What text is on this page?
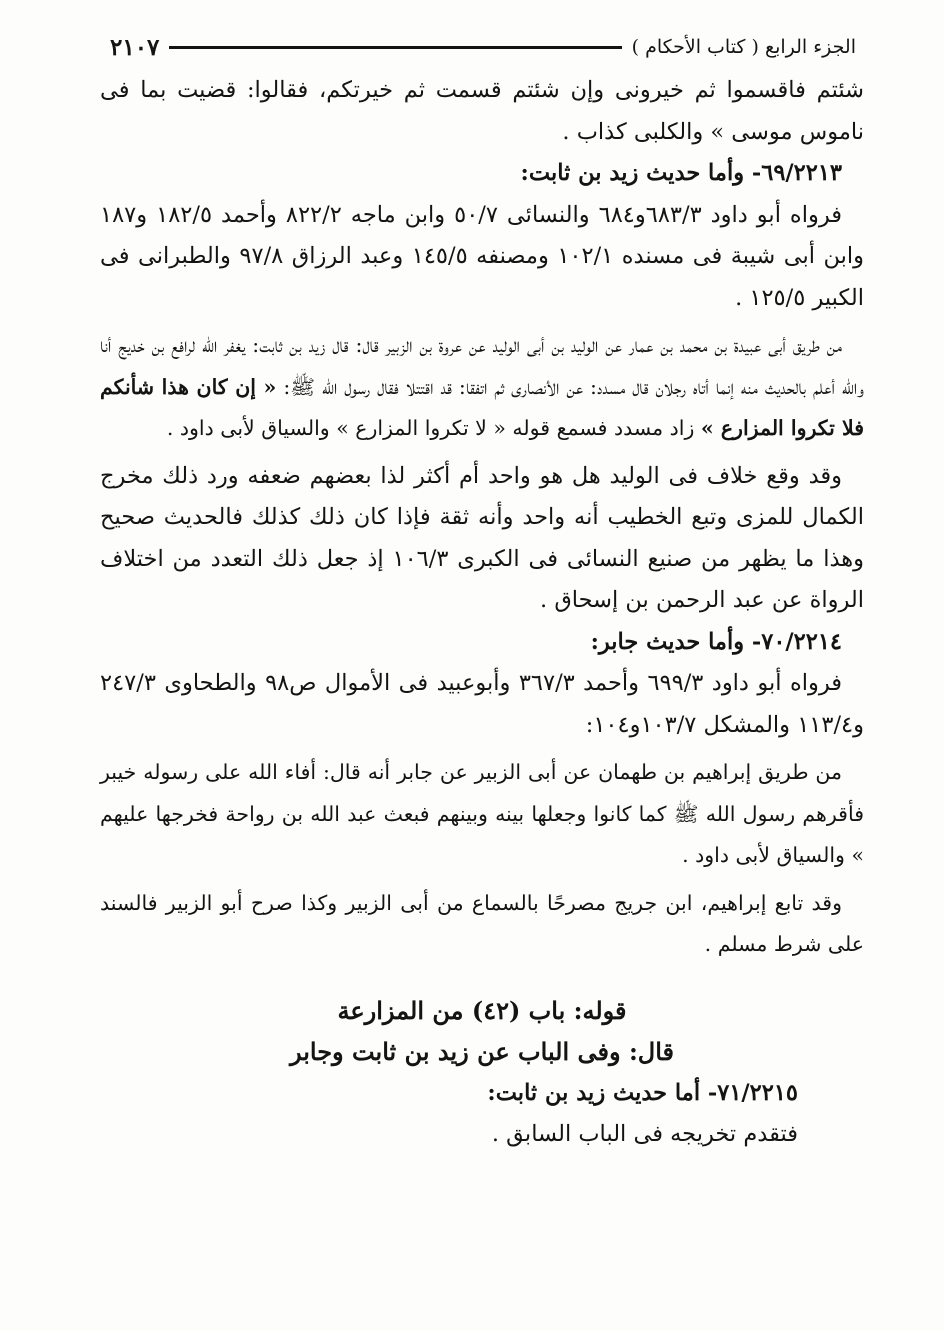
الجزء الرابع ( كتاب الأحكام )
٢١٠٧

شئتم فاقسموا ثم خيرونى وإن شئتم قسمت ثم خيرتكم، فقالوا: قضيت بما فى ناموس موسى » والكلبى كذاب .

٦٩/٢٢١٣- وأما حديث زيد بن ثابت:

فرواه أبو داود ٦٨٣/٣و٦٨٤ والنسائى ٥٠/٧ وابن ماجه ٨٢٢/٢ وأحمد ١٨٢/٥ و١٨٧ وابن أبى شيبة فى مسنده ١٠٢/١ ومصنفه ١٤٥/٥ وعبد الرزاق ٩٧/٨ والطبرانى فى الكبير ١٢٥/٥ .

من طريق أبى عبيدة بن محمد بن عمار عن الوليد بن أبى الوليد عن عروة بن الزبير قال: قال زيد بن ثابت: يغفر الله لرافع بن خديج أنا والله أعلم بالحديث منه إنما أتاه رجلان قال مسدد: عن الأنصارى ثم اتفقا: قد اقتتلا فقال رسول الله ﷺ: « إن كان هذا شأنكم فلا تكروا المزارع » زاد مسدد فسمع قوله « لا تكروا المزارع » والسياق لأبى داود .

وقد وقع خلاف فى الوليد هل هو واحد أم أكثر لذا بعضهم ضعفه ورد ذلك مخرج الكمال للمزى وتبع الخطيب أنه واحد وأنه ثقة فإذا كان ذلك كذلك فالحديث صحيح وهذا ما يظهر من صنيع النسائى فى الكبرى ١٠٦/٣ إذ جعل ذلك التعدد من اختلاف الرواة عن عبد الرحمن بن إسحاق .

٧٠/٢٢١٤- وأما حديث جابر:

فرواه أبو داود ٦٩٩/٣ وأحمد ٣٦٧/٣ وأبوعبيد فى الأموال ص٩٨ والطحاوى ٢٤٧/٣ و١١٣/٤ والمشكل ١٠٣/٧و١٠٤:

من طريق إبراهيم بن طهمان عن أبى الزبير عن جابر أنه قال: أفاء الله على رسوله خيبر فأقرهم رسول الله ﷺ كما كانوا وجعلها بينه وبينهم فبعث عبد الله بن رواحة فخرجها عليهم » والسياق لأبى داود .

وقد تابع إبراهيم، ابن جريج مصرحًا بالسماع من أبى الزبير وكذا صرح أبو الزبير فالسند على شرط مسلم .

قوله: باب (٤٢) من المزارعة

قال: وفى الباب عن زيد بن ثابت وجابر

٧١/٢٢١٥- أما حديث زيد بن ثابت:

فتقدم تخريجه فى الباب السابق .
